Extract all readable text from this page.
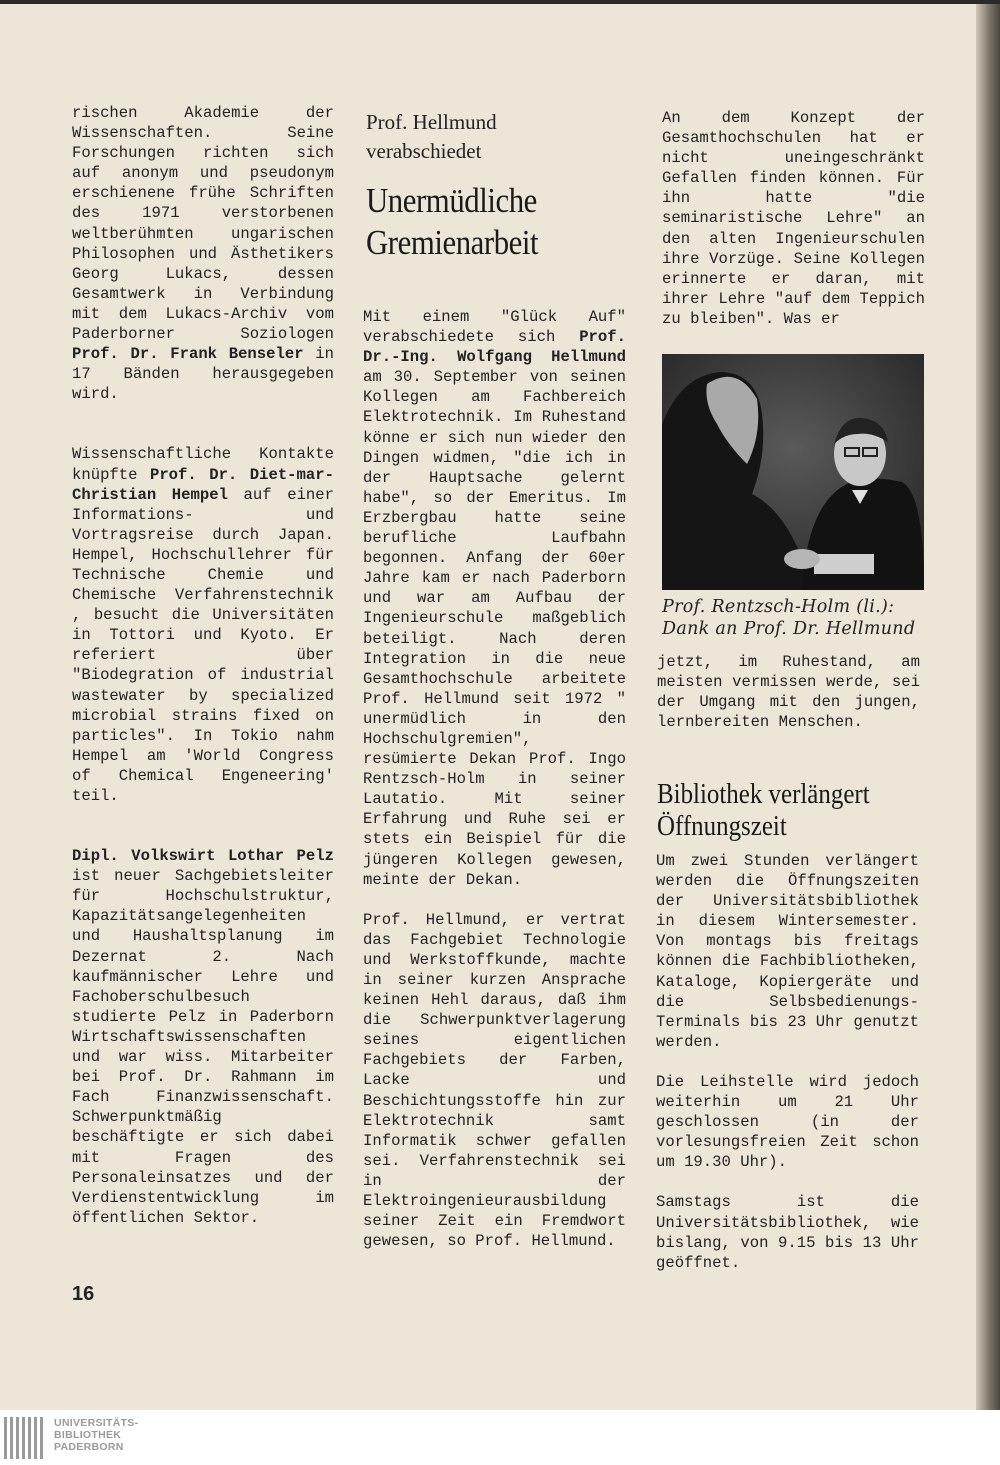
rischen Akademie der Wissenschaften. Seine Forschungen richten sich auf anonym und pseudonym erschienene frühe Schriften des 1971 verstorbenen weltberühmten ungarischen Philosophen und Ästhetikers Georg Lukacs, dessen Gesamtwerk in Verbindung mit dem Lukacs-Archiv vom Paderborner Soziologen Prof. Dr. Frank Benseler in 17 Bänden herausgegeben wird.

Wissenschaftliche Kontakte knüpfte Prof. Dr. Diet-mar-Christian Hempel auf einer Informations- und Vortragsreise durch Japan. Hempel, Hochschullehrer für Technische Chemie und Chemische Verfahrenstechnik , besucht die Universitäten in Tottori und Kyoto. Er referiert über "Biodegration of industrial wastewater by specialized microbial strains fixed on particles". In Tokio nahm Hempel am 'World Congress of Chemical Engeneering' teil.

Dipl. Volkswirt Lothar Pelz ist neuer Sachgebietsleiter für Hochschulstruktur, Kapazitätsangelegenheiten und Haushaltsplanung im Dezernat 2. Nach kaufmännischer Lehre und Fachoberschulbesuch studierte Pelz in Paderborn Wirtschaftswissenschaften und war wiss. Mitarbeiter bei Prof. Dr. Rahmann im Fach Finanzwissenschaft. Schwerpunktmäßig beschäftigte er sich dabei mit Fragen des Personaleinsatzes und der Verdienstentwicklung im öffentlichen Sektor.

Prof. Hellmund
verabschiedet
Unermüdliche
Gremienarbeit

Mit einem "Glück Auf" verabschiedete sich Prof. Dr.-Ing. Wolfgang Hellmund am 30. September von seinen Kollegen am Fachbereich Elektrotechnik. Im Ruhestand könne er sich nun wieder den Dingen widmen, "die ich in der Hauptsache gelernt habe", so der Emeritus. Im Erzbergbau hatte seine berufliche Laufbahn begonnen. Anfang der 60er Jahre kam er nach Paderborn und war am Aufbau der Ingenieurschule maßgeblich beteiligt. Nach deren Integration in die neue Gesamthochschule arbeitete Prof. Hellmund seit 1972 " unermüdlich in den Hochschulgremien", resümierte Dekan Prof. Ingo Rentzsch-Holm in seiner Lautatio. Mit seiner Erfahrung und Ruhe sei er stets ein Beispiel für die jüngeren Kollegen gewesen, meinte der Dekan.

Prof. Hellmund, er vertrat das Fachgebiet Technologie und Werkstoffkunde, machte in seiner kurzen Ansprache keinen Hehl daraus, daß ihm die Schwerpunktverlagerung seines eigentlichen Fachgebiets der Farben, Lacke und Beschichtungsstoffe hin zur Elektrotechnik samt Informatik schwer gefallen sei. Verfahrenstechnik sei in der Elektroingenieurausbildung seiner Zeit ein Fremdwort gewesen, so Prof. Hellmund.

An dem Konzept der Gesamthochschulen hat er nicht uneingeschränkt Gefallen finden können. Für ihn hatte "die seminaristische Lehre" an den alten Ingenieurschulen ihre Vorzüge. Seine Kollegen erinnerte er daran, mit ihrer Lehre "auf dem Teppich zu bleiben". Was er
Prof. Rentzsch-Holm (li.):
Dank an Prof. Dr. Hellmund
jetzt, im Ruhestand, am meisten vermissen werde, sei der Umgang mit den jungen, lernbereiten Menschen.
Bibliothek verlängert
Öffnungszeit

Um zwei Stunden verlängert werden die Öffnungszeiten der Universitätsbibliothek in diesem Wintersemester. Von montags bis freitags können die Fachbibliotheken, Kataloge, Kopiergeräte und die Selbsbedienungs-Terminals bis 23 Uhr genutzt werden.

Die Leihstelle wird jedoch weiterhin um 21 Uhr geschlossen (in der vorlesungsfreien Zeit schon um 19.30 Uhr).

Samstags ist die Universitätsbibliothek, wie bislang, von 9.15 bis 13 Uhr geöffnet.

16
UNIVERSITÄTS-
BIBLIOTHEK
PADERBORN
